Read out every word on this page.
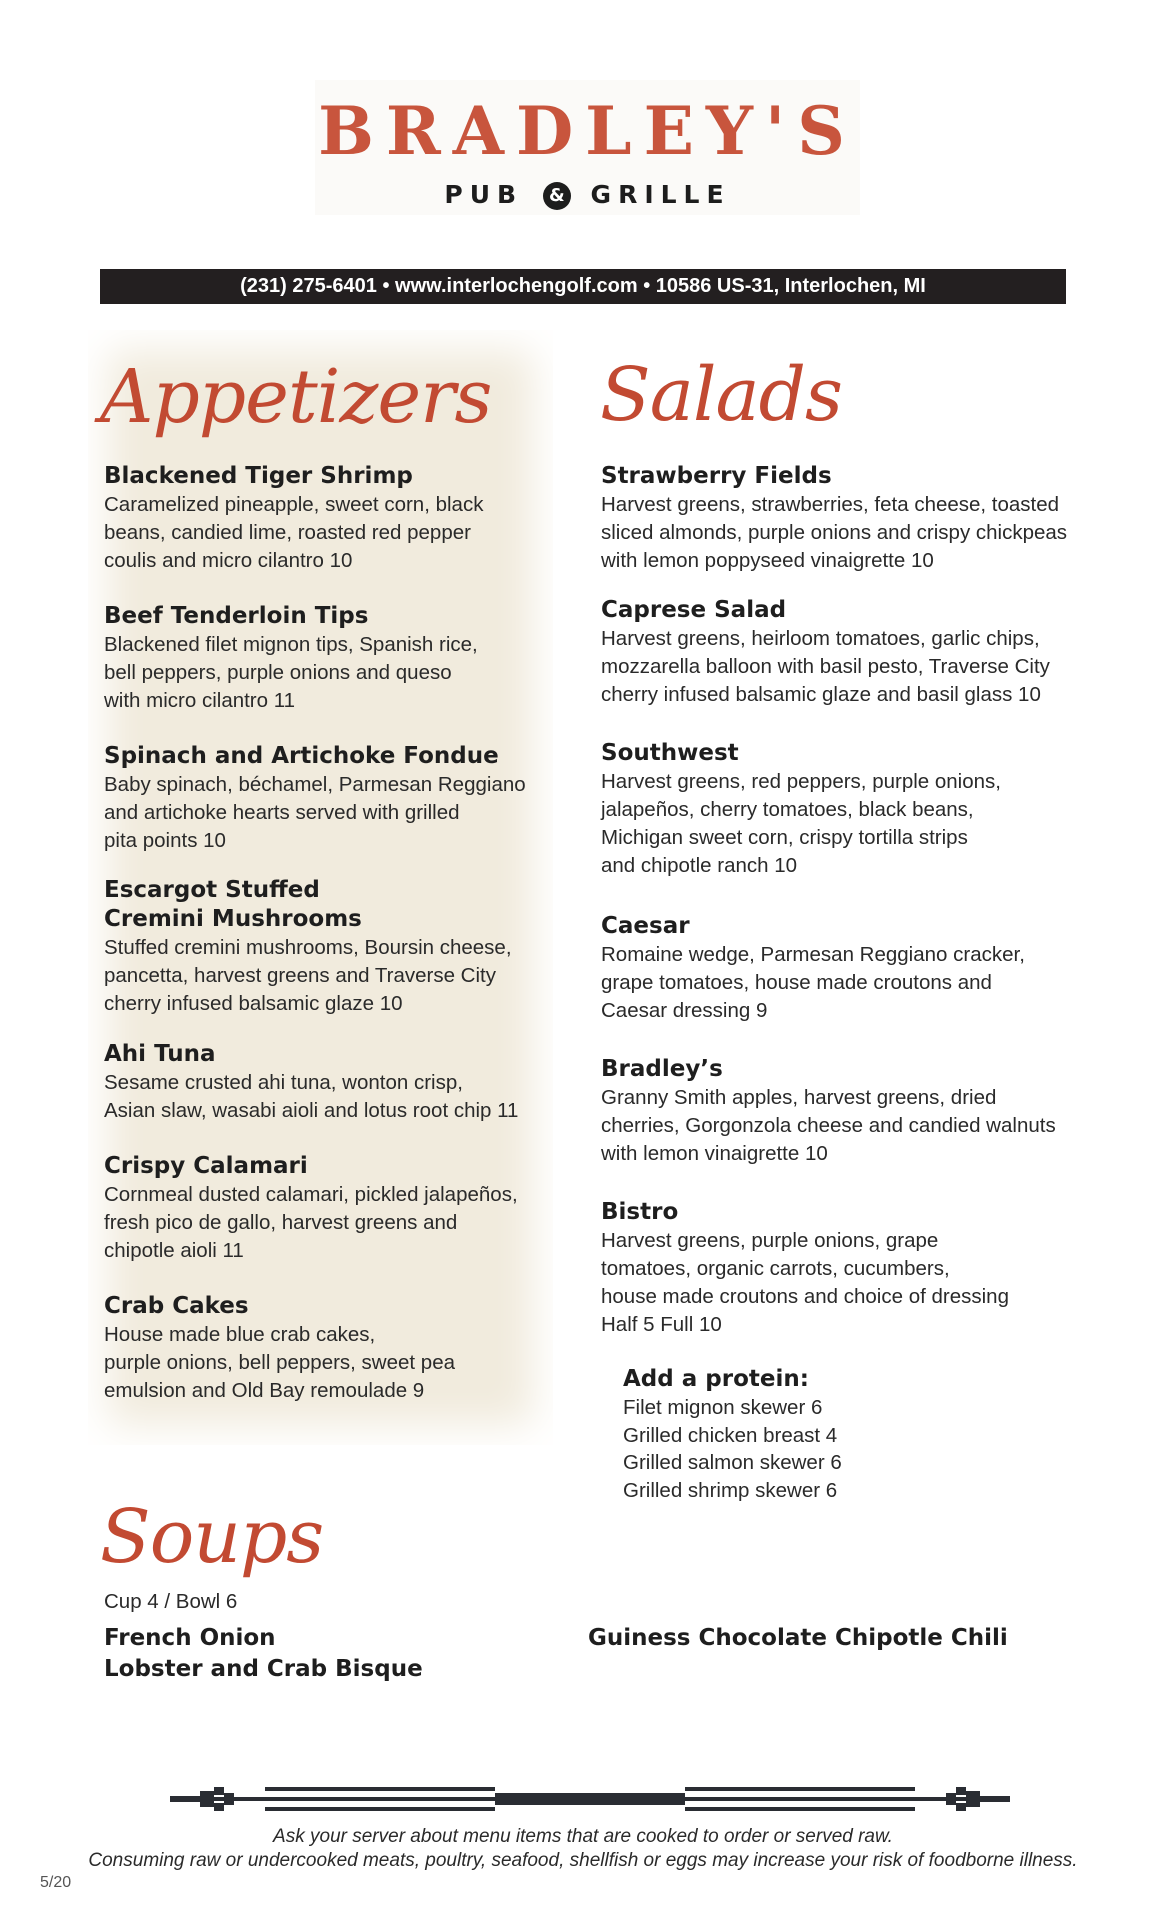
BRADLEY'S
PUB & GRILLE
(231) 275-6401 • www.interlochengolf.com • 10586 US-31, Interlochen, MI
Appetizers

Blackened Tiger Shrimp

Caramelized pineapple, sweet corn, black

beans, candied lime, roasted red pepper

coulis and micro cilantro 10

Beef Tenderloin Tips

Blackened filet mignon tips, Spanish rice,

bell peppers, purple onions and queso

with micro cilantro 11

Spinach and Artichoke Fondue

Baby spinach, béchamel, Parmesan Reggiano

and artichoke hearts served with grilled

pita points 10

Escargot Stuffed

Cremini Mushrooms

Stuffed cremini mushrooms, Boursin cheese,

pancetta, harvest greens and Traverse City

cherry infused balsamic glaze 10

Ahi Tuna

Sesame crusted ahi tuna, wonton crisp,

Asian slaw, wasabi aioli and lotus root chip 11

Crispy Calamari

Cornmeal dusted calamari, pickled jalapeños,

fresh pico de gallo, harvest greens and

chipotle aioli 11

Crab Cakes

House made blue crab cakes,

purple onions, bell peppers, sweet pea

emulsion and Old Bay remoulade 9

Salads

Strawberry Fields

Harvest greens, strawberries, feta cheese, toasted

sliced almonds, purple onions and crispy chickpeas

with lemon poppyseed vinaigrette 10

Caprese Salad

Harvest greens, heirloom tomatoes, garlic chips,

mozzarella balloon with basil pesto, Traverse City

cherry infused balsamic glaze and basil glass 10

Southwest

Harvest greens, red peppers, purple onions,

jalapeños, cherry tomatoes, black beans,

Michigan sweet corn, crispy tortilla strips

and chipotle ranch 10

Caesar

Romaine wedge, Parmesan Reggiano cracker,

grape tomatoes, house made croutons and

Caesar dressing 9

Bradley’s

Granny Smith apples, harvest greens, dried

cherries, Gorgonzola cheese and candied walnuts

with lemon vinaigrette 10

Bistro

Harvest greens, purple onions, grape

tomatoes, organic carrots, cucumbers,

house made croutons and choice of dressing

Half 5 Full 10

Add a protein:

Filet mignon skewer 6

Grilled chicken breast 4

Grilled salmon skewer 6

Grilled shrimp skewer 6

Soups
Cup 4 / Bowl 6
French Onion
Lobster and Crab Bisque
Guiness Chocolate Chipotle Chili
Ask your server about menu items that are cooked to order or served raw.
Consuming raw or undercooked meats, poultry, seafood, shellfish or eggs may increase your risk of foodborne illness.
5/20
